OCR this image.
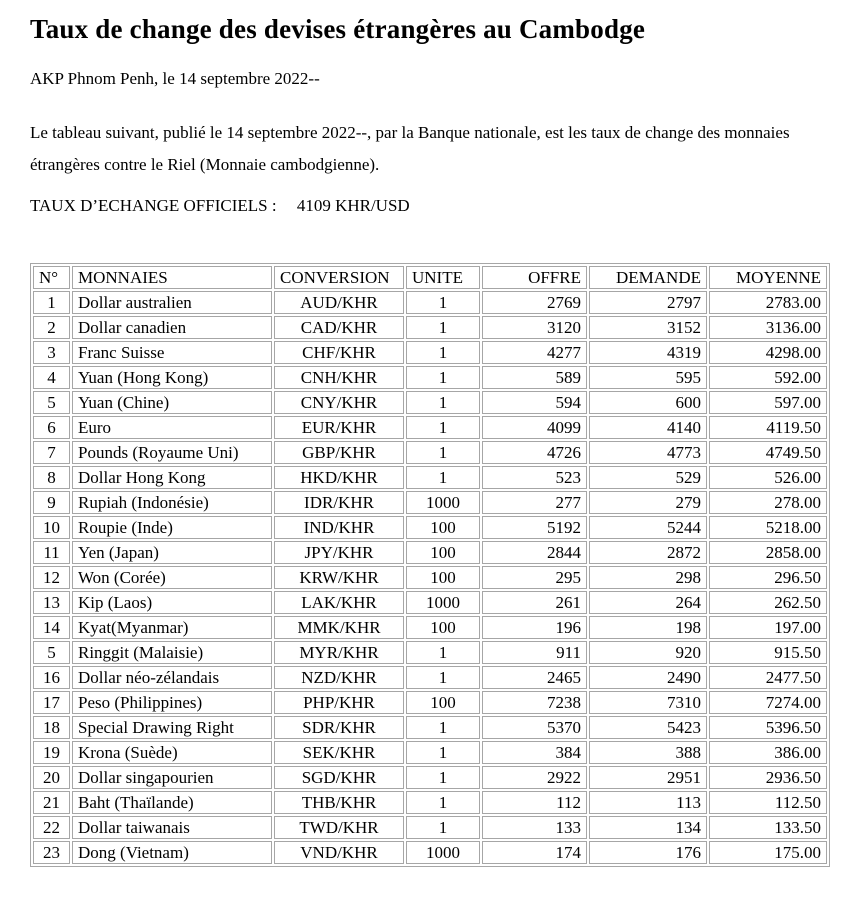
Taux de change des devises étrangères au Cambodge

AKP Phnom Penh, le 14 septembre 2022--

Le tableau suivant, publié le 14 septembre 2022--, par la Banque nationale, est les taux de change des monnaies étrangères contre le Riel (Monnaie cambodgienne).

TAUX D’ECHANGE OFFICIELS : 4109 KHR/USD

N°	MONNAIES	CONVERSION	UNITE	OFFRE	DEMANDE	MOYENNE
1	Dollar australien	AUD/KHR	1	2769	2797	2783.00
2	Dollar canadien	CAD/KHR	1	3120	3152	3136.00
3	Franc Suisse	CHF/KHR	1	4277	4319	4298.00
4	Yuan (Hong Kong)	CNH/KHR	1	589	595	592.00
5	Yuan (Chine)	CNY/KHR	1	594	600	597.00
6	Euro	EUR/KHR	1	4099	4140	4119.50
7	Pounds (Royaume Uni)	GBP/KHR	1	4726	4773	4749.50
8	Dollar Hong Kong	HKD/KHR	1	523	529	526.00
9	Rupiah (Indonésie)	IDR/KHR	1000	277	279	278.00
10	Roupie (Inde)	IND/KHR	100	5192	5244	5218.00
11	Yen (Japan)	JPY/KHR	100	2844	2872	2858.00
12	Won (Corée)	KRW/KHR	100	295	298	296.50
13	Kip (Laos)	LAK/KHR	1000	261	264	262.50
14	Kyat(Myanmar)	MMK/KHR	100	196	198	197.00
5	Ringgit (Malaisie)	MYR/KHR	1	911	920	915.50
16	Dollar néo-zélandais	NZD/KHR	1	2465	2490	2477.50
17	Peso (Philippines)	PHP/KHR	100	7238	7310	7274.00
18	Special Drawing Right	SDR/KHR	1	5370	5423	5396.50
19	Krona (Suède)	SEK/KHR	1	384	388	386.00
20	Dollar singapourien	SGD/KHR	1	2922	2951	2936.50
21	Baht (Thaïlande)	THB/KHR	1	112	113	112.50
22	Dollar taiwanais	TWD/KHR	1	133	134	133.50
23	Dong (Vietnam)	VND/KHR	1000	174	176	175.00
